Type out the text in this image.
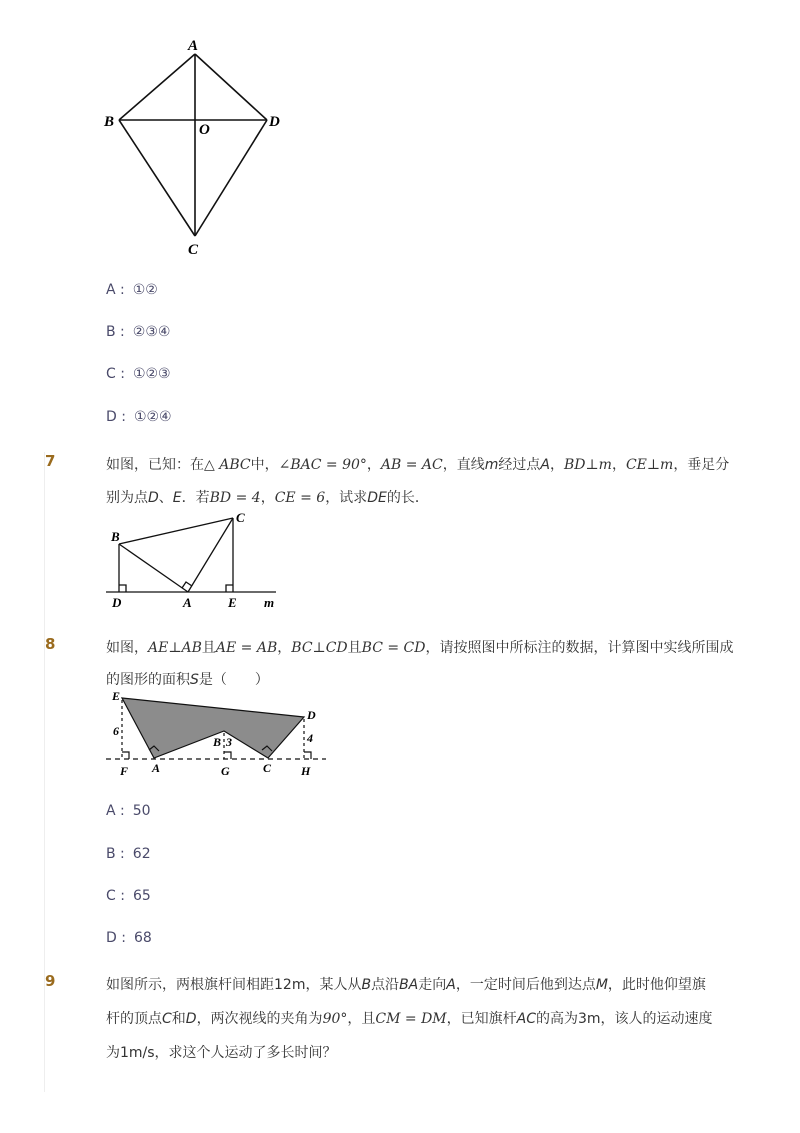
A
B	D
O
C
A : ①②
B : ②③④
C : ①②③
D : ①②④
7	如图，已知：在△ ABC中，∠BAC = 90°，AB = AC，直线m经过点A，BD⊥m，CE⊥m，垂足分
别为点D、E．若BD = 4，CE = 6，试求DE的长．
B
C
D	A	E m
8	如图，AE⊥AB且AE = AB，BC⊥CD且BC = CD，请按照图中所标注的数据，计算图中实线所围成
的图形的面积S是（　　）
E
D
B 3
6	4
F A	G	C H
A : 50
B : 62
C : 65
D : 68
9	如图所示，两根旗杆间相距12m，某人从B点沿BA走向A，一定时间后他到达点M，此时他仰望旗
杆的顶点C和D，两次视线的夹角为90°，且CM = DM，已知旗杆AC的高为3m，该人的运动速度
为1m/s，求这个人运动了多长时间？
